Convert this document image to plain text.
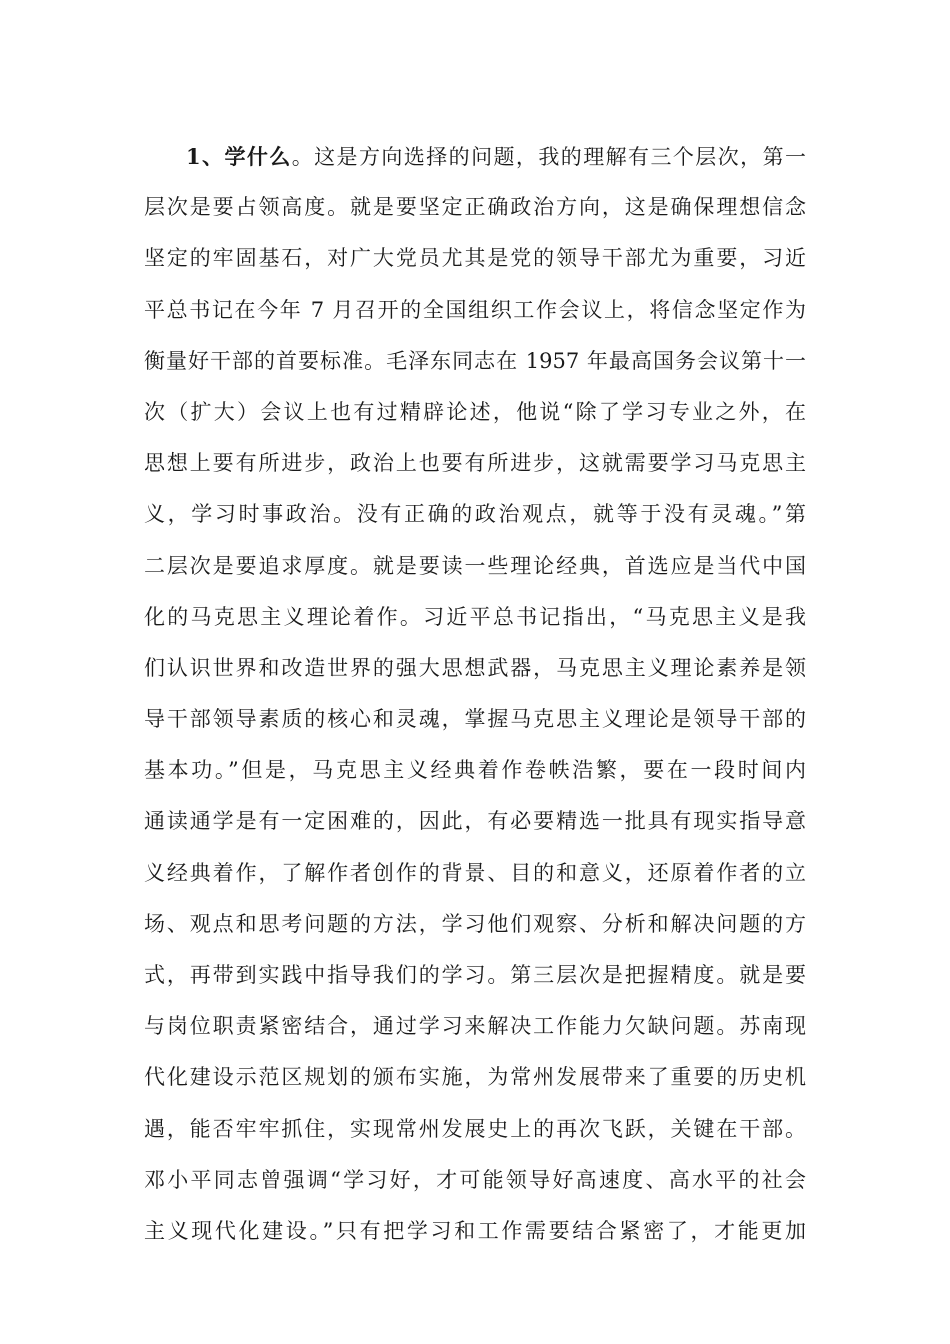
1、学什么。这是方向选择的问题，我的理解有三个层次，第一
层次是要占领高度。就是要坚定正确政治方向，这是确保理想信念
坚定的牢固基石，对广大党员尤其是党的领导干部尤为重要，习近
平总书记在今年 7 月召开的全国组织工作会议上，将信念坚定作为
衡量好干部的首要标准。毛泽东同志在 1957 年最高国务会议第十一
次（扩大）会议上也有过精辟论述，他说“除了学习专业之外，在
思想上要有所进步，政治上也要有所进步，这就需要学习马克思主
义，学习时事政治。没有正确的政治观点，就等于没有灵魂。”第
二层次是要追求厚度。就是要读一些理论经典，首选应是当代中国
化的马克思主义理论着作。习近平总书记指出，“马克思主义是我
们认识世界和改造世界的强大思想武器，马克思主义理论素养是领
导干部领导素质的核心和灵魂，掌握马克思主义理论是领导干部的
基本功。”但是，马克思主义经典着作卷帙浩繁，要在一段时间内
通读通学是有一定困难的，因此，有必要精选一批具有现实指导意
义经典着作，了解作者创作的背景、目的和意义，还原着作者的立
场、观点和思考问题的方法，学习他们观察、分析和解决问题的方
式，再带到实践中指导我们的学习。第三层次是把握精度。就是要
与岗位职责紧密结合，通过学习来解决工作能力欠缺问题。苏南现
代化建设示范区规划的颁布实施，为常州发展带来了重要的历史机
遇，能否牢牢抓住，实现常州发展史上的再次飞跃，关键在干部。
邓小平同志曾强调“学习好，才可能领导好高速度、高水平的社会
主义现代化建设。”只有把学习和工作需要结合紧密了，才能更加
